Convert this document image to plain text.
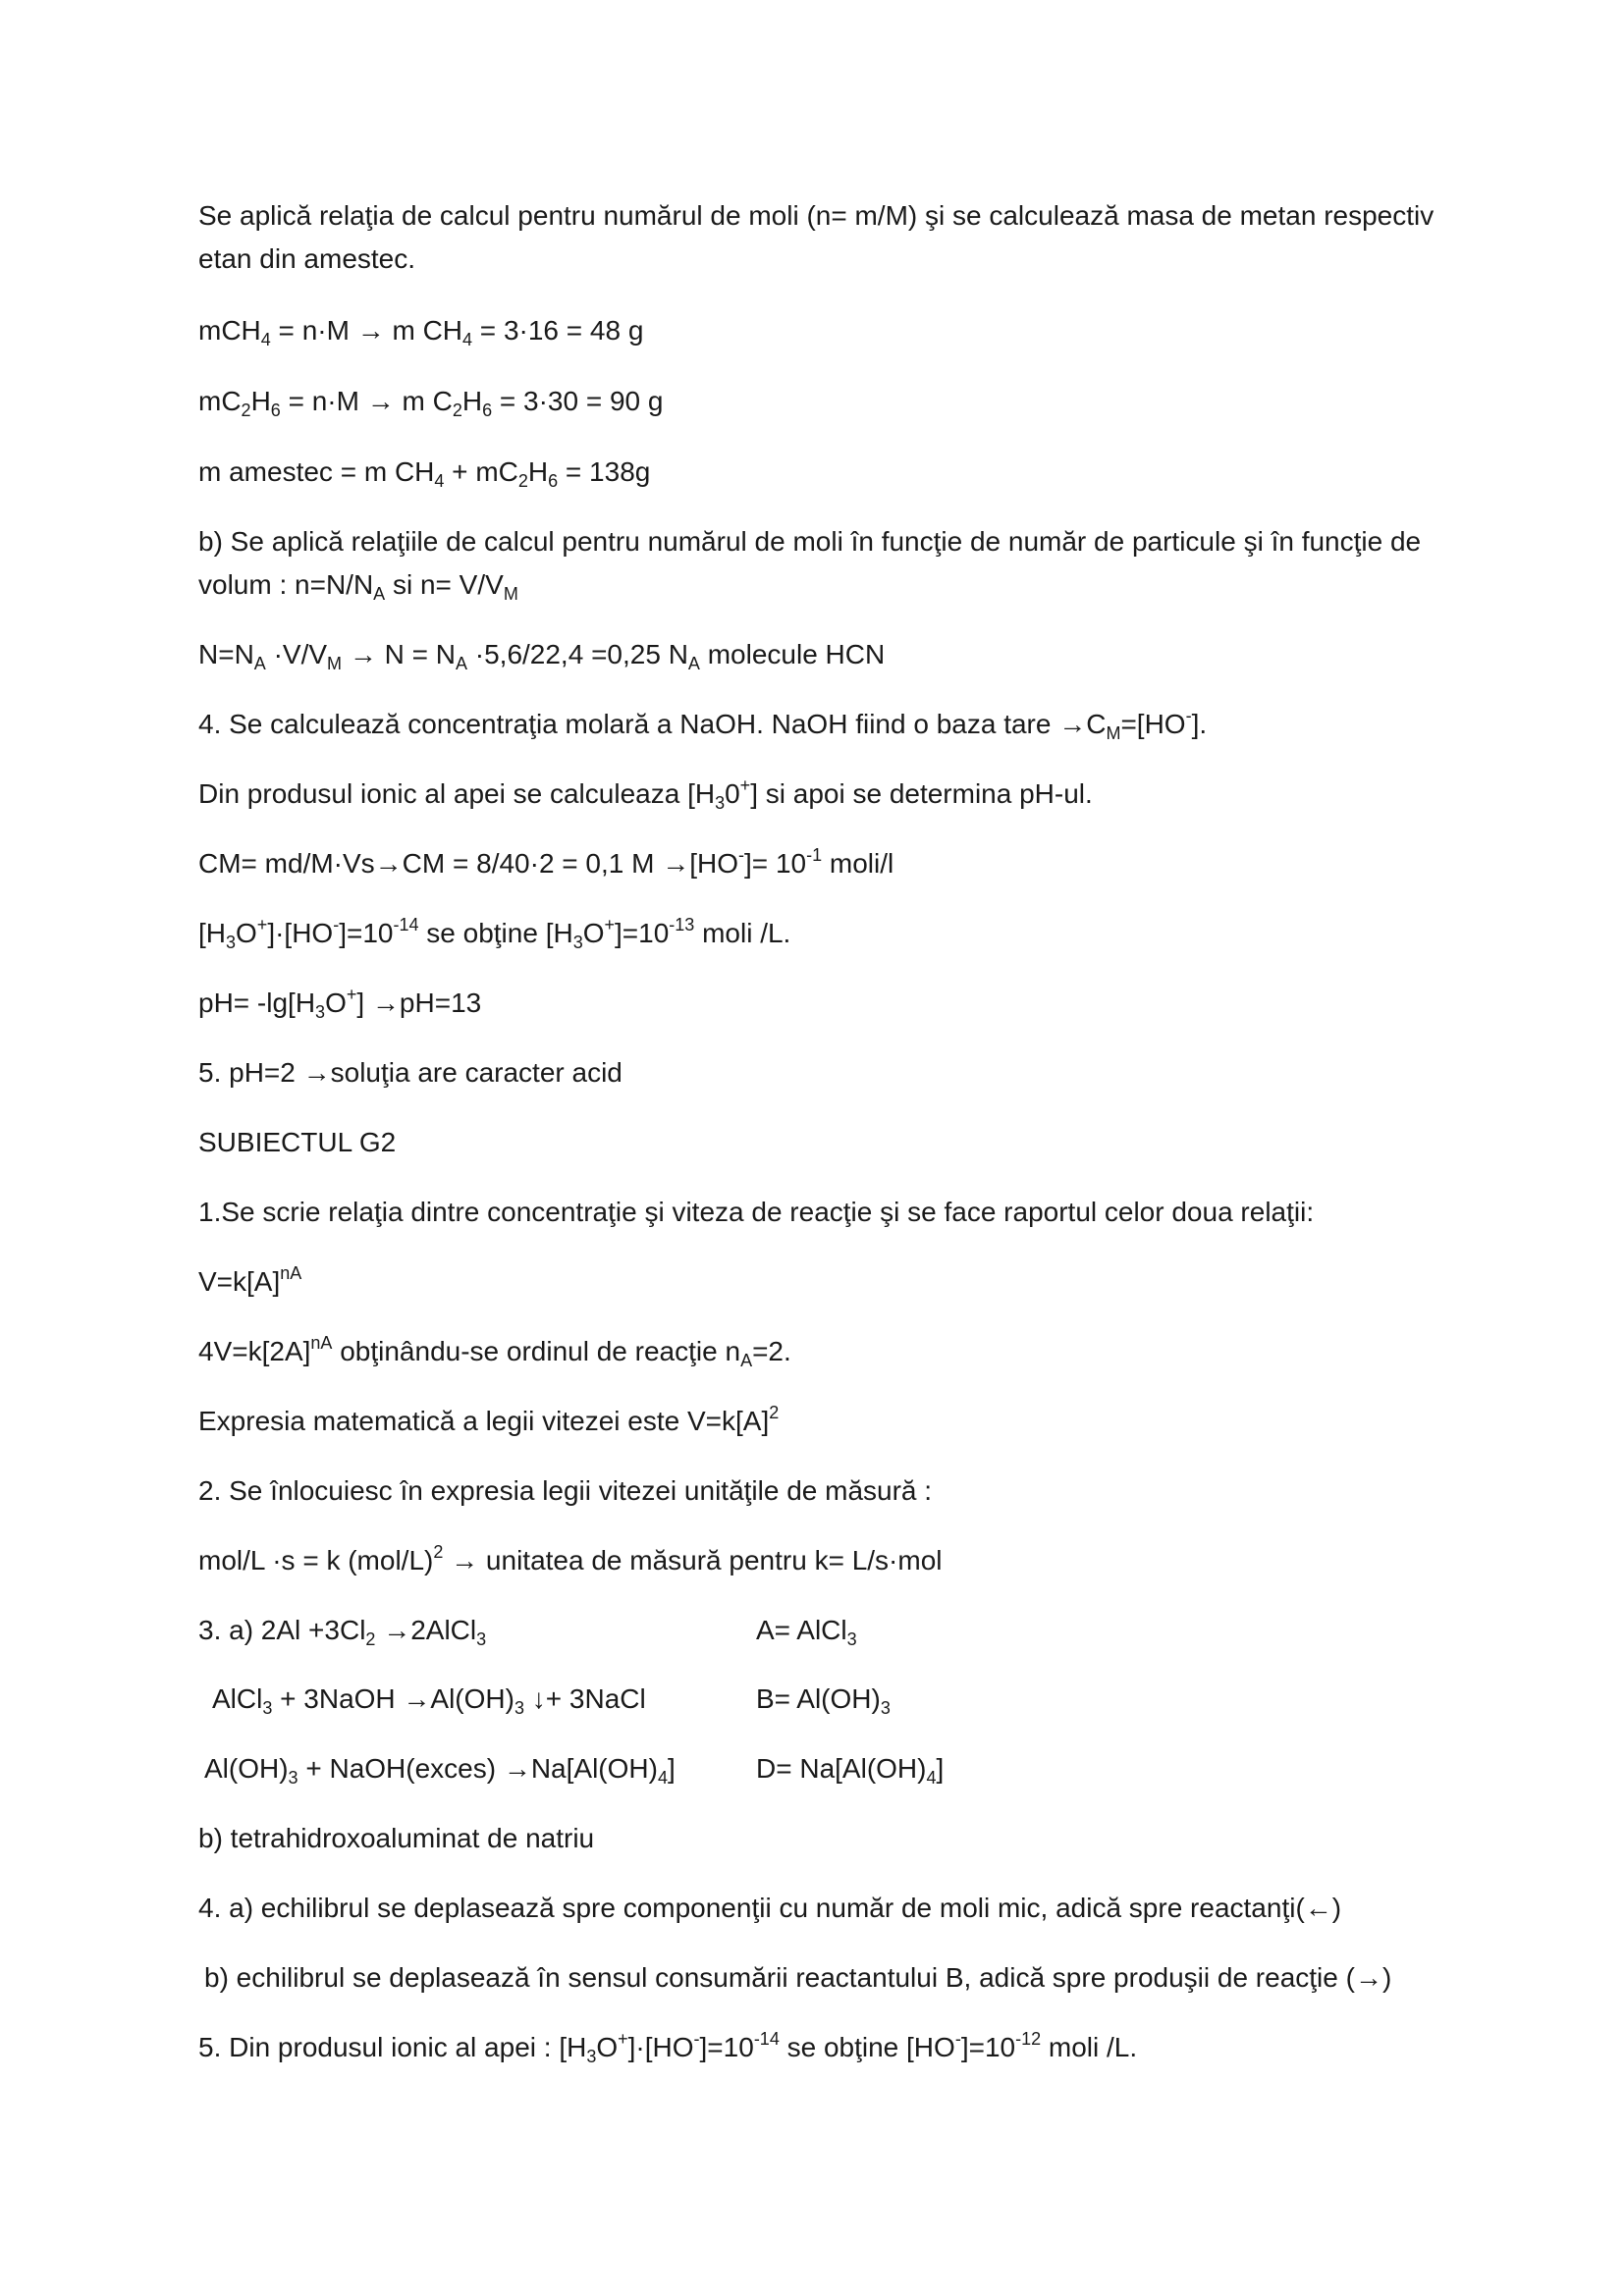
Se aplică relaţia de calcul pentru numărul de moli (n= m/M) şi se calculează masa de metan respectiv
etan din amestec.
mCH$_4$ = n·M → m $CH_4 = 3\cdot 16 = 48$ g
$mC_2H_6 = n\cdot M \to m$ $C_2H_6 = 3\cdot 30 = 90$ g
m amestec = m $CH_4 + mC_2H_6 = 138g$
b) Se aplică relaţiile de calcul pentru numărul de moli în funcţie de număr de particule şi în funcţie de
volum : $n=N/N_A$ si $n= V/V_M$
$N=N_A \cdot V/V_M \to N = N_A \cdot 5,6/22,4 =0,25$ $N_A$ molecule HCN
4. Se calculează concentraţia molară a NaOH. NaOH fiind o baza tare $\to C_M=[HO^-]$.
Din produsul ionic al apei se calculeaza $[H_30^+]$ si apoi se determina pH-ul.
CM= md/M·Vs→CM = 8/40·2 = 0,1 $M \to[HO^-]= 10^{-1}$ moli/l
$[H_3O^+]\cdot[HO^-]=10^{-14}$ se obţine $[H_3O^+]=10^{-13}$ moli /L.
$pH= -\lg[H_3O^+] \to pH=13$
5. pH=2 →soluţia are caracter acid
SUBIECTUL G2
1.Se scrie relaţia dintre concentraţie şi viteza de reacţie şi se face raportul celor doua relaţii:
$V=k[A]^{nA}$
$4V=k[2A]^{nA}$ obţinându-se ordinul de reacţie $n_A=2$.
Expresia matematică a legii vitezei este $V=k[A]^2$
2. Se înlocuiesc în expresia legii vitezei unităţile de măsură :
mol/L ·s = k $(mol/L)^2$ → unitatea de măsură pentru k= L/s·mol
3. a) $2Al +3Cl_2$ →2AlCl$_3$	A= AlCl$_3$
AlCl$_3$ + 3NaOH $\to Al(OH)_3$ ↓+ 3NaCl	$B= Al(OH)_3$
$Al(OH)_3$ + NaOH(exces) $\to Na[Al(OH)_4]$	$D= Na[Al(OH)_4]$
b) tetrahidroxoaluminat de natriu
4. a) echilibrul se deplasează spre componenţii cu număr de moli mic, adică spre reactanţi(←)
b) echilibrul se deplasează în sensul consumării reactantului B, adică spre produşii de reacţie (→)
5. Din produsul ionic al apei : $[H_3O^+]\cdot[HO^-]=10^{-14}$ se obţine $[HO^-]=10^{-12}$ moli /L.
